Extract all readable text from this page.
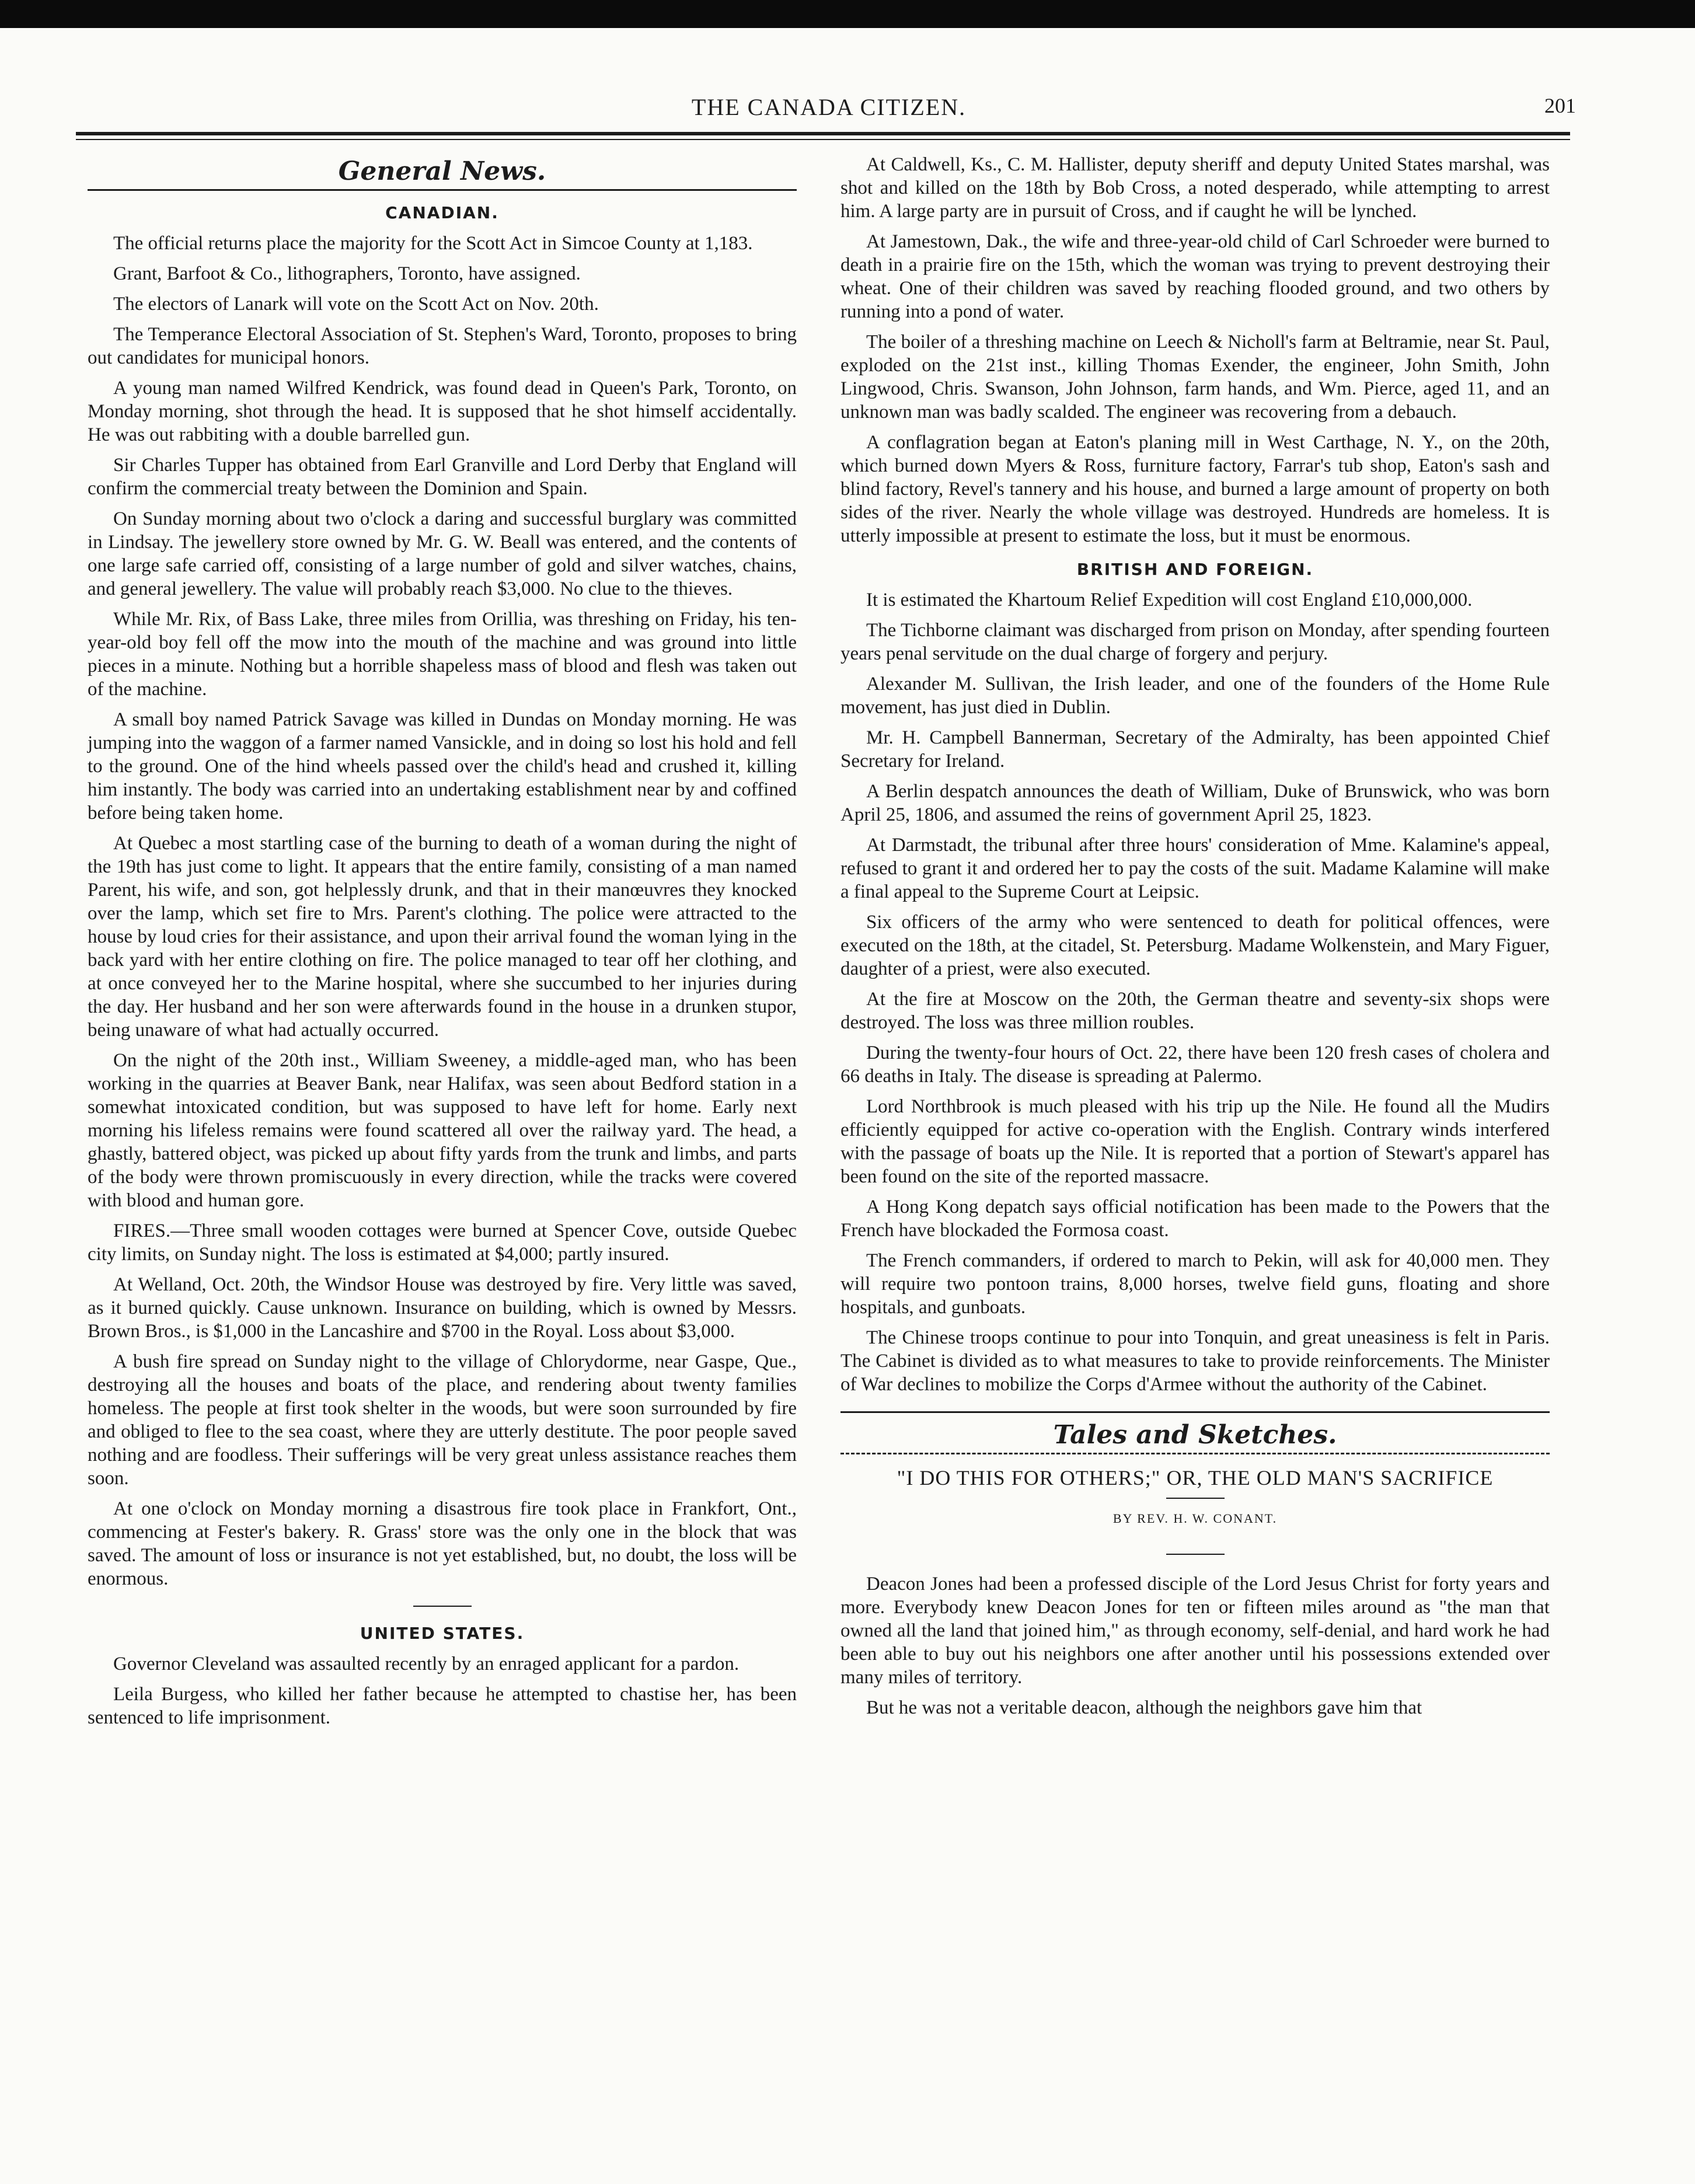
THE CANADA CITIZEN.	201
General News.
CANADIAN.

The official returns place the majority for the Scott Act in Simcoe County at 1,183.

Grant, Barfoot & Co., lithographers, Toronto, have assigned.

The electors of Lanark will vote on the Scott Act on Nov. 20th.

The Temperance Electoral Association of St. Stephen's Ward, Toronto, proposes to bring out candidates for municipal honors.

A young man named Wilfred Kendrick, was found dead in Queen's Park, Toronto, on Monday morning, shot through the head. It is supposed that he shot himself accidentally. He was out rabbiting with a double barrelled gun.

Sir Charles Tupper has obtained from Earl Granville and Lord Derby that England will confirm the commercial treaty between the Dominion and Spain.

On Sunday morning about two o'clock a daring and successful burglary was committed in Lindsay. The jewellery store owned by Mr. G. W. Beall was entered, and the contents of one large safe carried off, consisting of a large number of gold and silver watches, chains, and general jewellery. The value will probably reach $3,000. No clue to the thieves.

While Mr. Rix, of Bass Lake, three miles from Orillia, was threshing on Friday, his ten-year-old boy fell off the mow into the mouth of the machine and was ground into little pieces in a minute. Nothing but a horrible shapeless mass of blood and flesh was taken out of the machine.

A small boy named Patrick Savage was killed in Dundas on Monday morning. He was jumping into the waggon of a farmer named Vansickle, and in doing so lost his hold and fell to the ground. One of the hind wheels passed over the child's head and crushed it, killing him instantly. The body was carried into an undertaking establishment near by and coffined before being taken home.

At Quebec a most startling case of the burning to death of a woman during the night of the 19th has just come to light. It appears that the entire family, consisting of a man named Parent, his wife, and son, got helplessly drunk, and that in their manœuvres they knocked over the lamp, which set fire to Mrs. Parent's clothing. The police were attracted to the house by loud cries for their assistance, and upon their arrival found the woman lying in the back yard with her entire clothing on fire. The police managed to tear off her clothing, and at once conveyed her to the Marine hospital, where she succumbed to her injuries during the day. Her husband and her son were afterwards found in the house in a drunken stupor, being unaware of what had actually occurred.

On the night of the 20th inst., William Sweeney, a middle-aged man, who has been working in the quarries at Beaver Bank, near Halifax, was seen about Bedford station in a somewhat intoxicated condition, but was supposed to have left for home. Early next morning his lifeless remains were found scattered all over the railway yard. The head, a ghastly, battered object, was picked up about fifty yards from the trunk and limbs, and parts of the body were thrown promiscuously in every direction, while the tracks were covered with blood and human gore.

FIRES.—Three small wooden cottages were burned at Spencer Cove, outside Quebec city limits, on Sunday night. The loss is estimated at $4,000; partly insured.

At Welland, Oct. 20th, the Windsor House was destroyed by fire. Very little was saved, as it burned quickly. Cause unknown. Insurance on building, which is owned by Messrs. Brown Bros., is $1,000 in the Lancashire and $700 in the Royal. Loss about $3,000.

A bush fire spread on Sunday night to the village of Chlorydorme, near Gaspe, Que., destroying all the houses and boats of the place, and rendering about twenty families homeless. The people at first took shelter in the woods, but were soon surrounded by fire and obliged to flee to the sea coast, where they are utterly destitute. The poor people saved nothing and are foodless. Their sufferings will be very great unless assistance reaches them soon.

At one o'clock on Monday morning a disastrous fire took place in Frankfort, Ont., commencing at Fester's bakery. R. Grass' store was the only one in the block that was saved. The amount of loss or insurance is not yet established, but, no doubt, the loss will be enormous.

UNITED STATES.

Governor Cleveland was assaulted recently by an enraged applicant for a pardon.

Leila Burgess, who killed her father because he attempted to chastise her, has been sentenced to life imprisonment.

At Caldwell, Ks., C. M. Hallister, deputy sheriff and deputy United States marshal, was shot and killed on the 18th by Bob Cross, a noted desperado, while attempting to arrest him. A large party are in pursuit of Cross, and if caught he will be lynched.

At Jamestown, Dak., the wife and three-year-old child of Carl Schroeder were burned to death in a prairie fire on the 15th, which the woman was trying to prevent destroying their wheat. One of their children was saved by reaching flooded ground, and two others by running into a pond of water.

The boiler of a threshing machine on Leech & Nicholl's farm at Beltramie, near St. Paul, exploded on the 21st inst., killing Thomas Exender, the engineer, John Smith, John Lingwood, Chris. Swanson, John Johnson, farm hands, and Wm. Pierce, aged 11, and an unknown man was badly scalded. The engineer was recovering from a debauch.

A conflagration began at Eaton's planing mill in West Carthage, N. Y., on the 20th, which burned down Myers & Ross, furniture factory, Farrar's tub shop, Eaton's sash and blind factory, Revel's tannery and his house, and burned a large amount of property on both sides of the river. Nearly the whole village was destroyed. Hundreds are homeless. It is utterly impossible at present to estimate the loss, but it must be enormous.

BRITISH AND FOREIGN.

It is estimated the Khartoum Relief Expedition will cost England £10,000,000.

The Tichborne claimant was discharged from prison on Monday, after spending fourteen years penal servitude on the dual charge of forgery and perjury.

Alexander M. Sullivan, the Irish leader, and one of the founders of the Home Rule movement, has just died in Dublin.

Mr. H. Campbell Bannerman, Secretary of the Admiralty, has been appointed Chief Secretary for Ireland.

A Berlin despatch announces the death of William, Duke of Brunswick, who was born April 25, 1806, and assumed the reins of government April 25, 1823.

At Darmstadt, the tribunal after three hours' consideration of Mme. Kalamine's appeal, refused to grant it and ordered her to pay the costs of the suit. Madame Kalamine will make a final appeal to the Supreme Court at Leipsic.

Six officers of the army who were sentenced to death for political offences, were executed on the 18th, at the citadel, St. Petersburg. Madame Wolkenstein, and Mary Figuer, daughter of a priest, were also executed.

At the fire at Moscow on the 20th, the German theatre and seventy-six shops were destroyed. The loss was three million roubles.

During the twenty-four hours of Oct. 22, there have been 120 fresh cases of cholera and 66 deaths in Italy. The disease is spreading at Palermo.

Lord Northbrook is much pleased with his trip up the Nile. He found all the Mudirs efficiently equipped for active co-operation with the English. Contrary winds interfered with the passage of boats up the Nile. It is reported that a portion of Stewart's apparel has been found on the site of the reported massacre.

A Hong Kong depatch says official notification has been made to the Powers that the French have blockaded the Formosa coast.

The French commanders, if ordered to march to Pekin, will ask for 40,000 men. They will require two pontoon trains, 8,000 horses, twelve field guns, floating and shore hospitals, and gunboats.

The Chinese troops continue to pour into Tonquin, and great uneasiness is felt in Paris. The Cabinet is divided as to what measures to take to provide reinforcements. The Minister of War declines to mobilize the Corps d'Armee without the authority of the Cabinet.

Tales and Sketches.
"I DO THIS FOR OTHERS;" OR, THE OLD MAN'S SACRIFICE
BY REV. H. W. CONANT.

Deacon Jones had been a professed disciple of the Lord Jesus Christ for forty years and more. Everybody knew Deacon Jones for ten or fifteen miles around as "the man that owned all the land that joined him," as through economy, self-denial, and hard work he had been able to buy out his neighbors one after another until his possessions extended over many miles of territory.

But he was not a veritable deacon, although the neighbors gave him that
